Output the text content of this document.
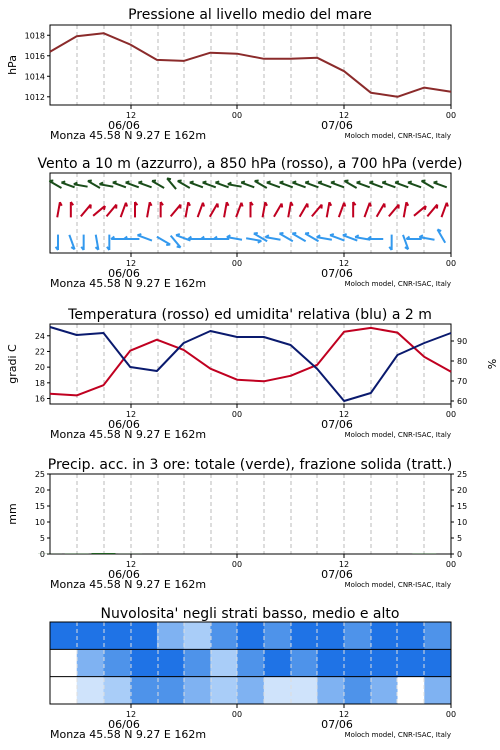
Pressione al livello medio del mare
1012
1014
1016
1018
hPa
12	00	12	00
06/06	07/06
Monza 45.58 N 9.27 E 162m	Moloch model, CNR-ISAC, Italy
Vento a 10 m (azzurro), a 850 hPa (rosso), a 700 hPa (verde)
12	00	12	00
06/06	07/06
Monza 45.58 N 9.27 E 162m	Moloch model, CNR-ISAC, Italy
Temperatura (rosso) ed umidita' relativa (blu) a 2 m
16
18
20
22
24
60
70
80
90
gradi C	%
12	00	12	00
06/06	07/06
Monza 45.58 N 9.27 E 162m	Moloch model, CNR-ISAC, Italy
Precip. acc. in 3 ore: totale (verde), frazione solida (tratt.)
0
5
10
15
20
25
0
5
10
15
20
25
mm
12	00	12	00
06/06	07/06
Monza 45.58 N 9.27 E 162m	Moloch model, CNR-ISAC, Italy
Nuvolosita' negli strati basso, medio e alto
12	00	12	00
06/06	07/06
Monza 45.58 N 9.27 E 162m	Moloch model, CNR-ISAC, Italy
